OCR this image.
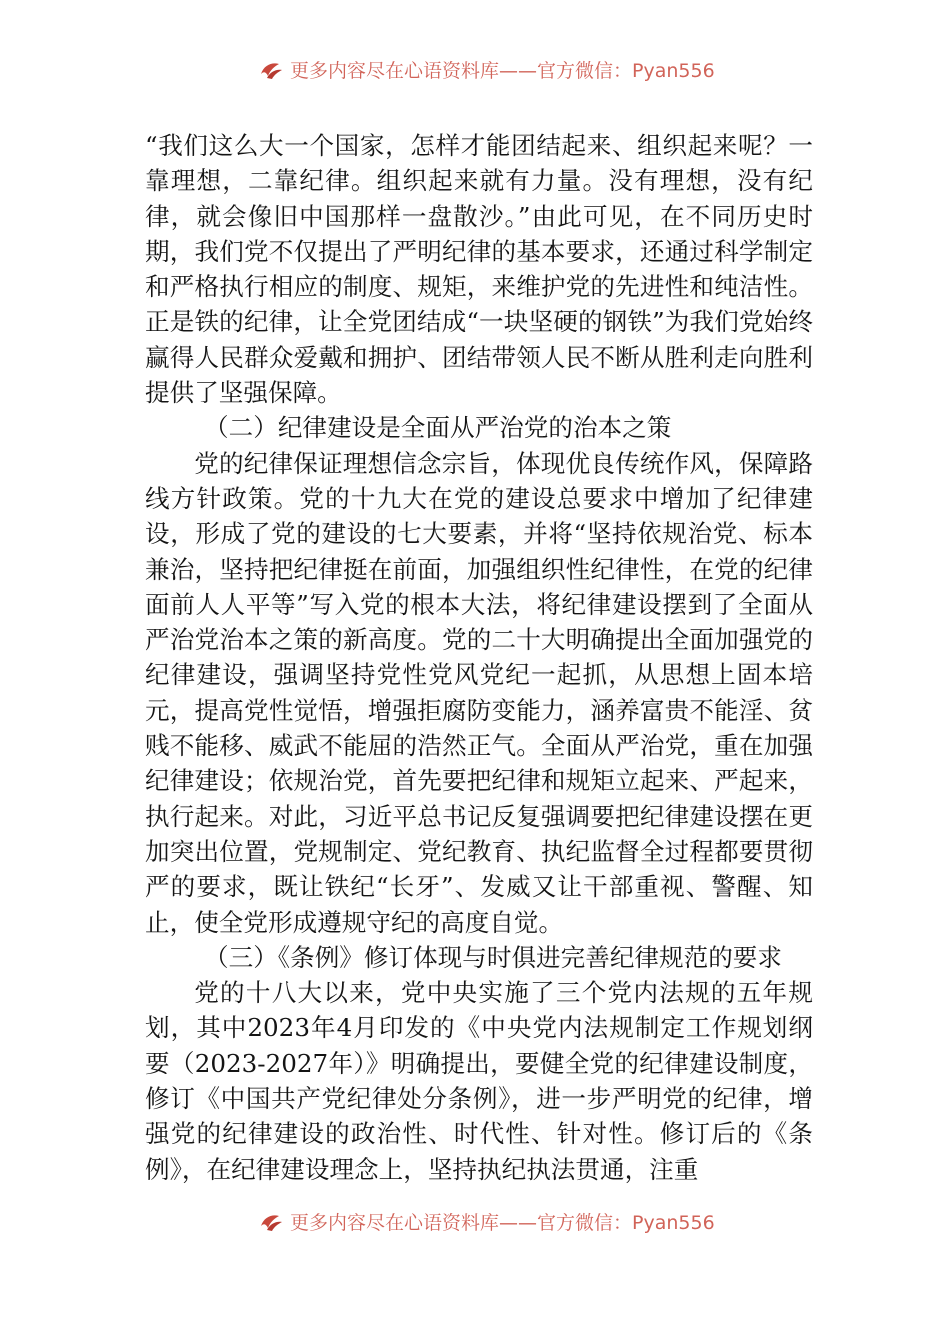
更多内容尽在心语资料库——官方微信：Pyan556

“我们这么大一个国家，怎样才能团结起来、组织起来呢？一靠理想，二靠纪律。组织起来就有力量。没有理想，没有纪律，就会像旧中国那样一盘散沙。”由此可见，在不同历史时期，我们党不仅提出了严明纪律的基本要求，还通过科学制定和严格执行相应的制度、规矩，来维护党的先进性和纯洁性。正是铁的纪律，让全党团结成“一块坚硬的钢铁”为我们党始终赢得人民群众爱戴和拥护、团结带领人民不断从胜利走向胜利提供了坚强保障。

（二）纪律建设是全面从严治党的治本之策

党的纪律保证理想信念宗旨，体现优良传统作风，保障路线方针政策。党的十九大在党的建设总要求中增加了纪律建设，形成了党的建设的七大要素，并将“坚持依规治党、标本兼治，坚持把纪律挺在前面，加强组织性纪律性，在党的纪律面前人人平等”写入党的根本大法，将纪律建设摆到了全面从严治党治本之策的新高度。党的二十大明确提出全面加强党的纪律建设，强调坚持党性党风党纪一起抓，从思想上固本培元，提高党性觉悟，增强拒腐防变能力，涵养富贵不能淫、贫贱不能移、威武不能屈的浩然正气。全面从严治党，重在加强纪律建设；依规治党，首先要把纪律和规矩立起来、严起来，执行起来。对此，习近平总书记反复强调要把纪律建设摆在更加突出位置，党规制定、党纪教育、执纪监督全过程都要贯彻严的要求，既让铁纪“长牙”、发威又让干部重视、警醒、知止，使全党形成遵规守纪的高度自觉。

（三）《条例》修订体现与时俱进完善纪律规范的要求

党的十八大以来，党中央实施了三个党内法规的五年规划，其中2023年4月印发的《中央党内法规制定工作规划纲要（2023-2027年）》明确提出，要健全党的纪律建设制度，修订《中国共产党纪律处分条例》，进一步严明党的纪律，增强党的纪律建设的政治性、时代性、针对性。修订后的《条例》，在纪律建设理念上，坚持执纪执法贯通，注重

更多内容尽在心语资料库——官方微信：Pyan556
